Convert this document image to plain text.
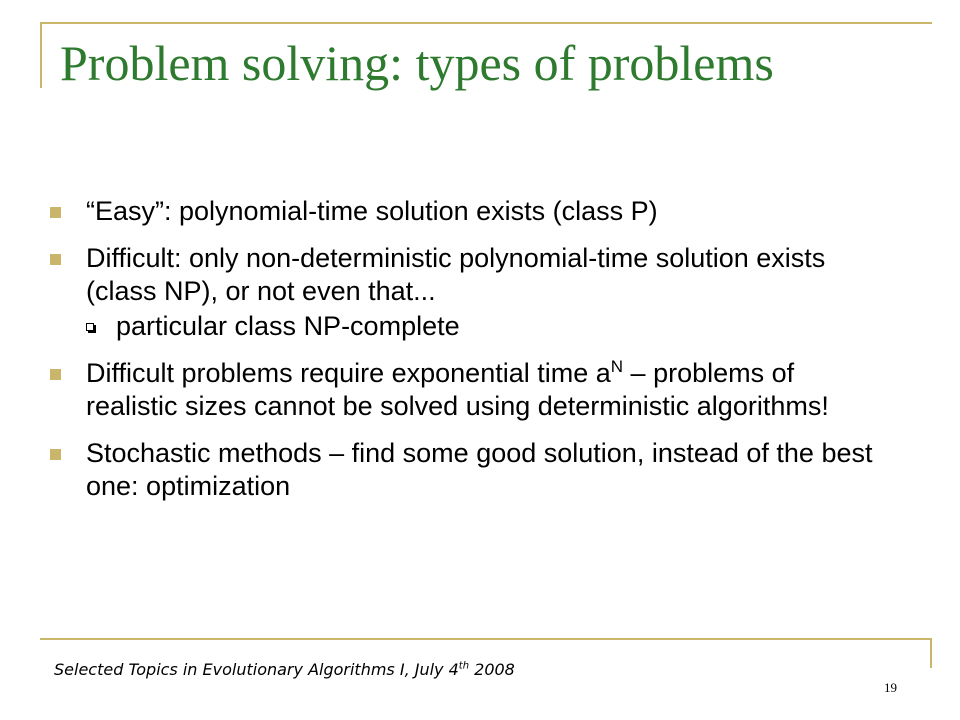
Problem solving: types of problems
“Easy”: polynomial-time solution exists (class P)
Difficult: only non-deterministic polynomial-time solution exists (class NP), or not even that...
particular class NP-complete
Difficult problems require exponential time $a^N$ – problems of realistic sizes cannot be solved using deterministic algorithms!
Stochastic methods – find some good solution, instead of the best one: optimization
Selected Topics in Evolutionary Algorithms I, July 4th 2008
19
